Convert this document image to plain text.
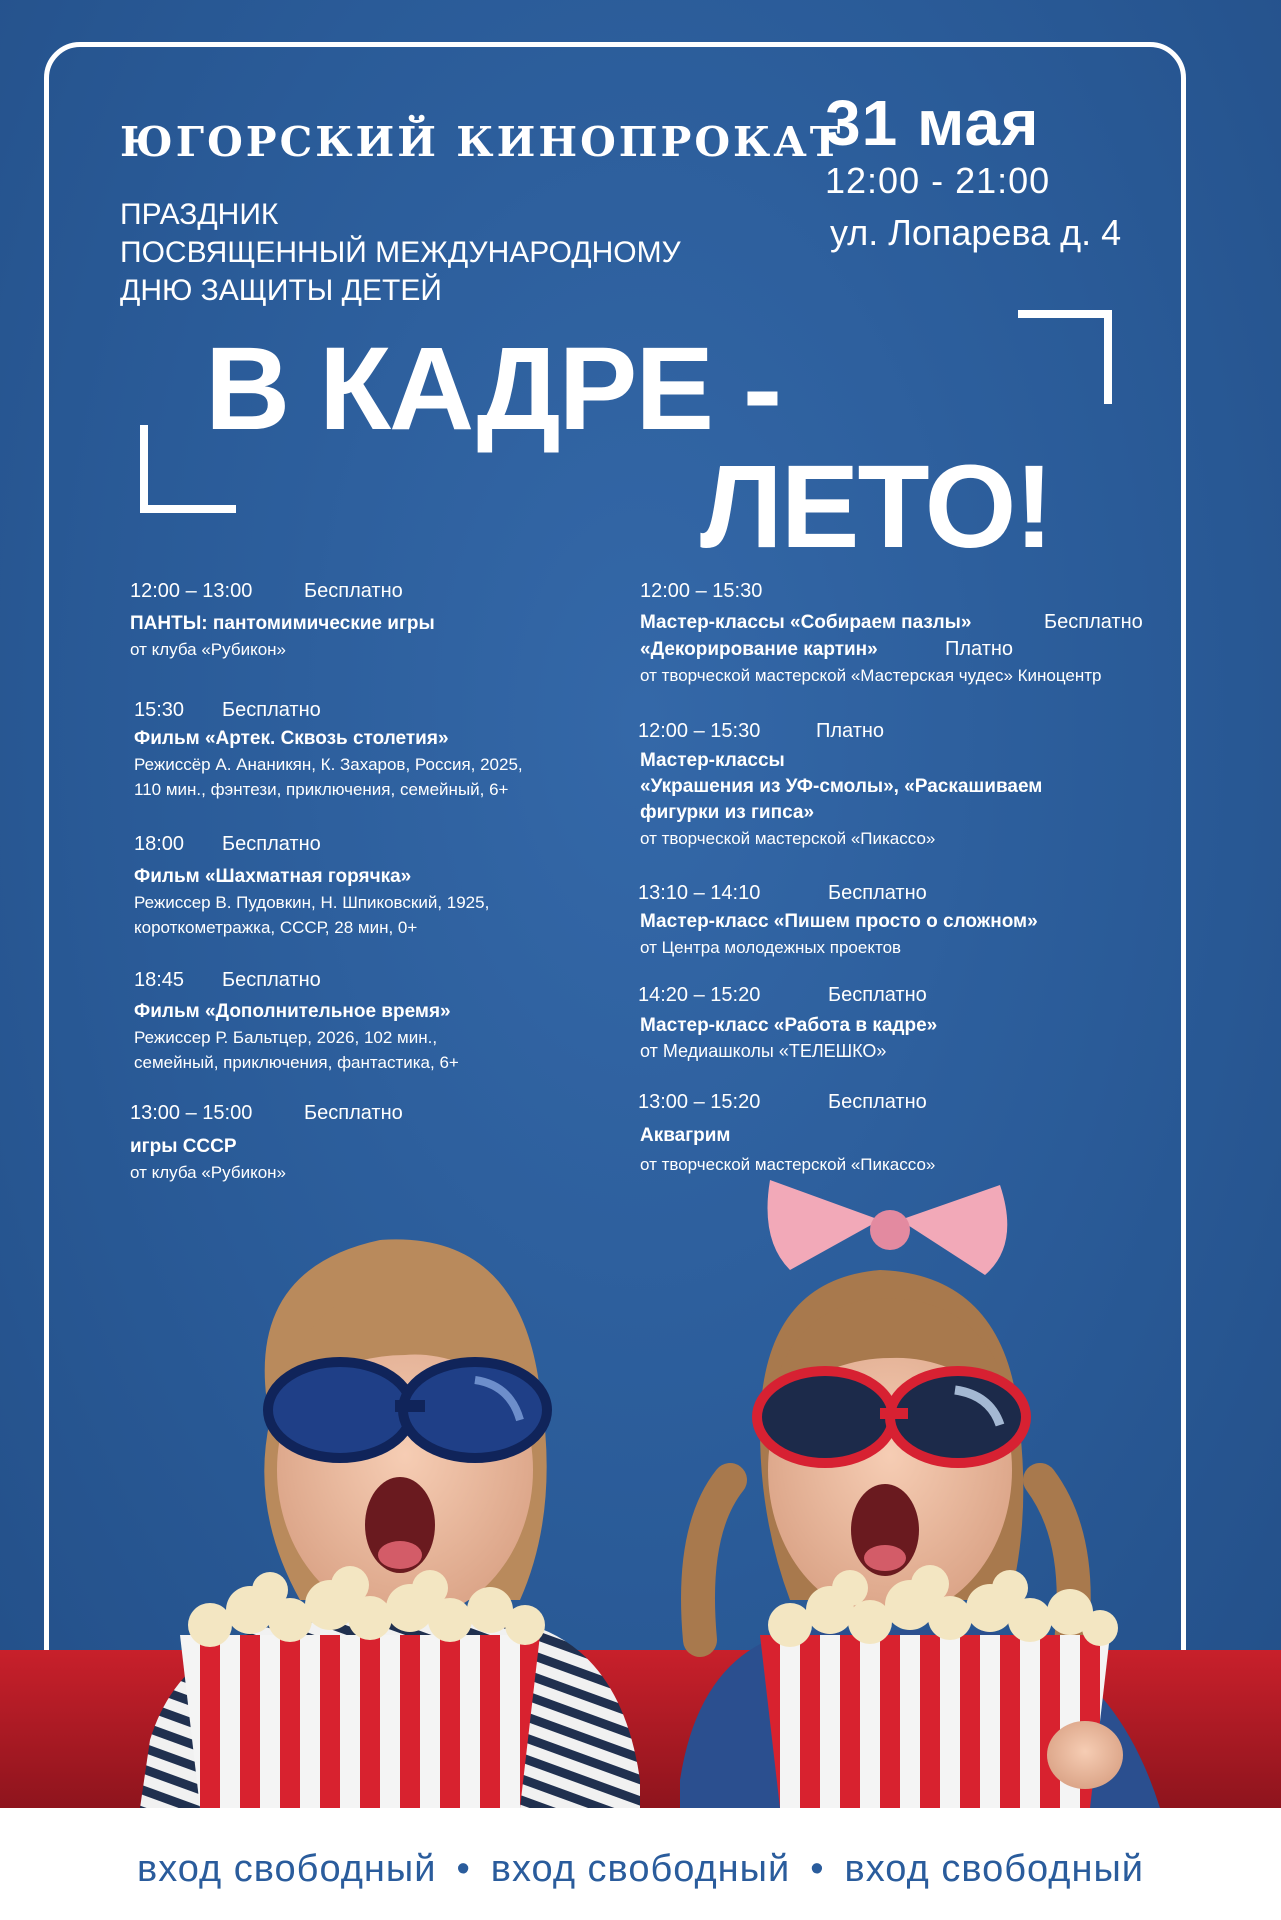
ЮГОРСКИЙ КИНОПРОКАТ
ПРАЗДНИК
ПОСВЯЩЕННЫЙ МЕЖДУНАРОДНОМУ
ДНЮ ЗАЩИТЫ ДЕТЕЙ
31 мая
12:00 - 21:00
ул. Лопарева д. 4
В КАДРЕ -
ЛЕТО!
12:00 – 13:00	Бесплатно
ПАНТЫ: пантомимические игры
от клуба «Рубикон»
15:30 Бесплатно
Фильм «Артек. Сквозь столетия»
Режиссёр А. Ананикян, К. Захаров, Россия, 2025,
110 мин., фэнтези, приключения, семейный, 6+
18:00 Бесплатно
Фильм «Шахматная горячка»
Режиссер В. Пудовкин, Н. Шпиковский, 1925,
короткометражка, СССР, 28 мин, 0+
18:45 Бесплатно
Фильм «Дополнительное время»
Режиссер Р. Бальтцер, 2026, 102 мин.,
семейный, приключения, фантастика, 6+
13:00 – 15:00	Бесплатно
игры СССР
от клуба «Рубикон»
12:00 – 15:30
Мастер-классы «Собираем пазлы»	Бесплатно
«Декорирование картин»	Платно
от творческой мастерской «Мастерская чудес» Киноцентр
12:00 – 15:30	Платно
Мастер-классы
«Украшения из УФ-смолы», «Раскашиваем
фигурки из гипса»
от творческой мастерской «Пикассо»
13:10 – 14:10	Бесплатно
Мастер-класс «Пишем просто о сложном»
от Центра молодежных проектов
14:20 – 15:20	Бесплатно
Мастер-класс «Работа в кадре»
от Медиашколы «ТЕЛЕШКО»
13:00 – 15:20	Бесплатно
Аквагрим
от творческой мастерской «Пикассо»
вход свободный • вход свободный • вход свободный
